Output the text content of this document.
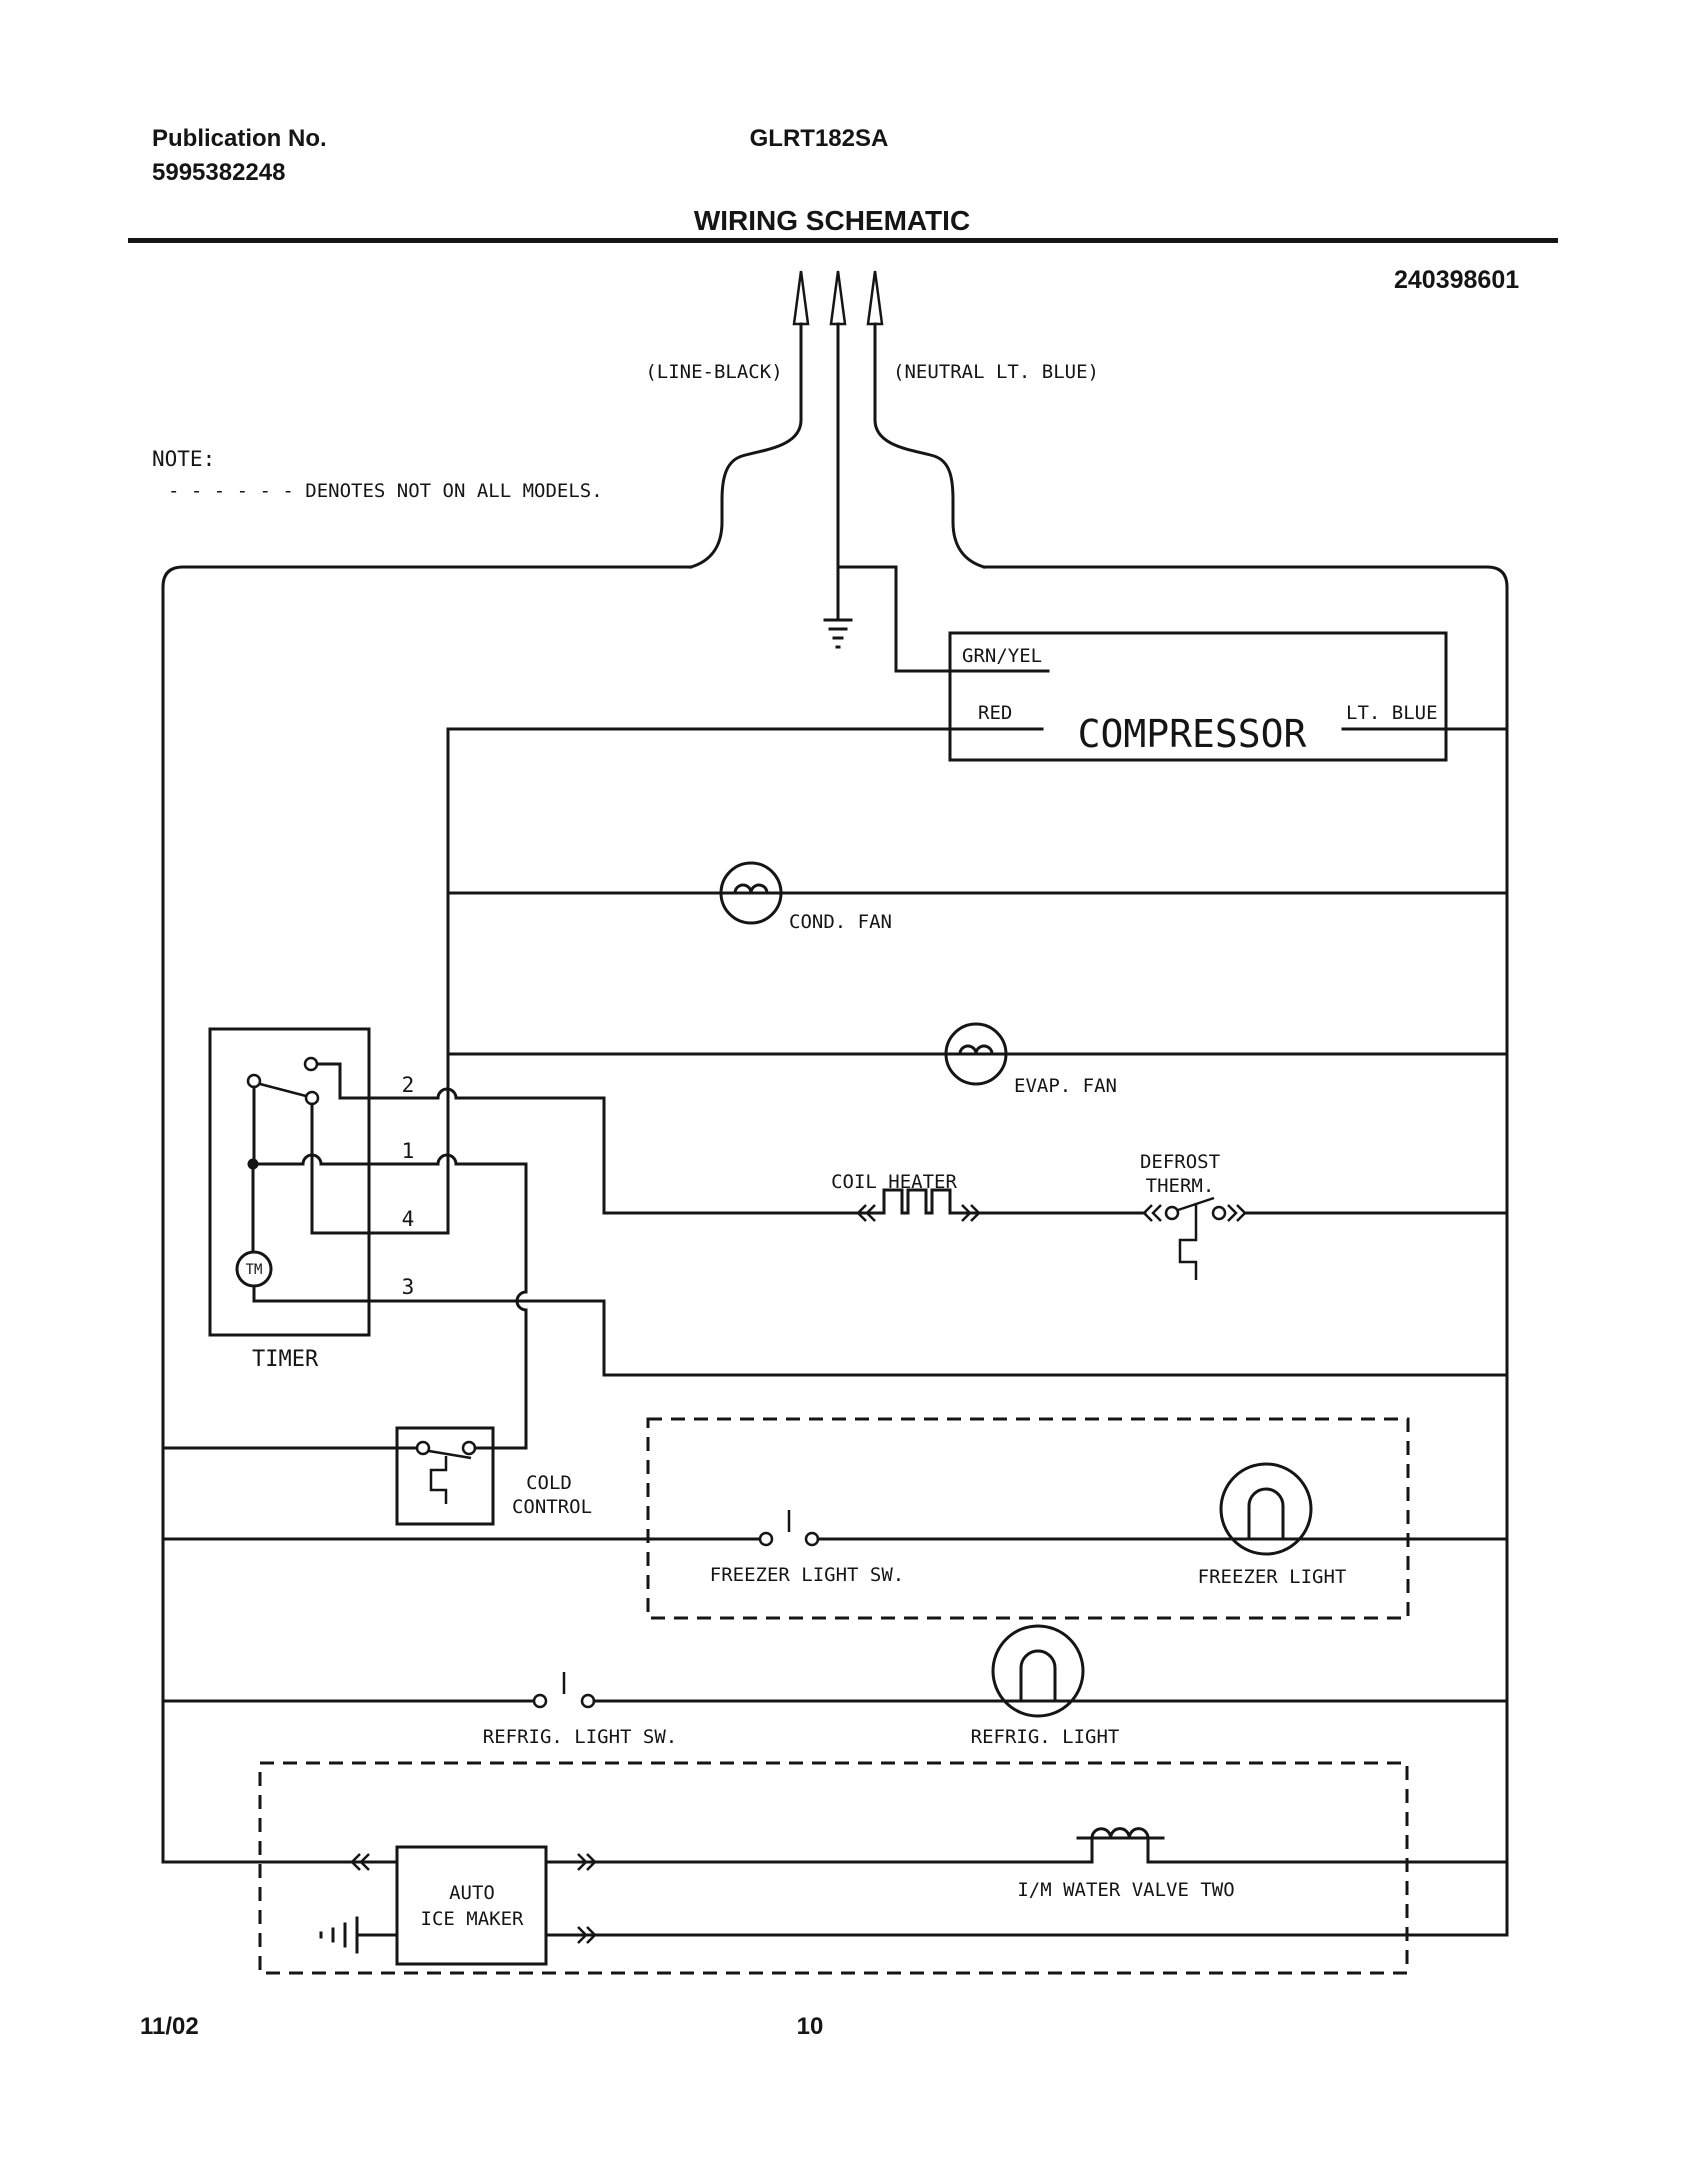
Publication No.
5995382248
GLRT182SA
WIRING SCHEMATIC
240398601
NOTE:
- - - - - - DENOTES NOT ON ALL MODELS.
(LINE-BLACK)	(NEUTRAL LT. BLUE)
GRN/YEL
RED COMPRESSOR LT. BLUE
COND. FAN
EVAP. FAN
TM
2
1
4
3
TIMER
COIL HEATER
DEFROST
THERM.
COLD
CONTROL
FREEZER LIGHT SW.	FREEZER LIGHT
REFRIG. LIGHT SW.	REFRIG. LIGHT
AUTO
ICE MAKER
I/M WATER VALVE TWO
11/02	10
